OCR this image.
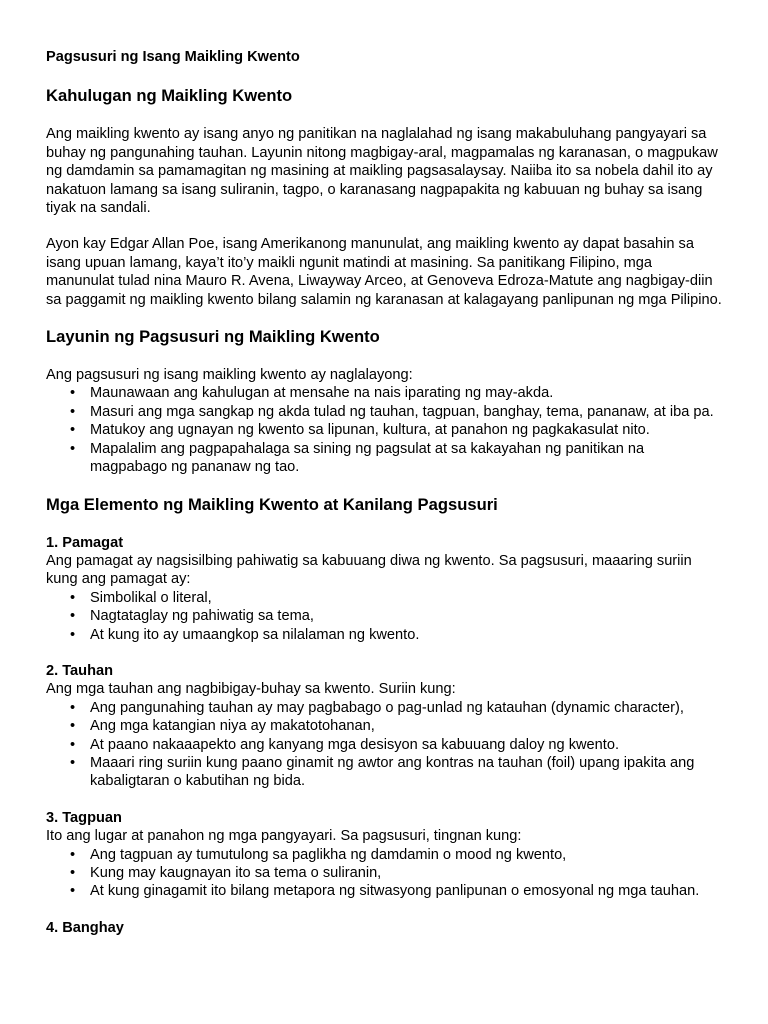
Pagsusuri ng Isang Maikling Kwento
Kahulugan ng Maikling Kwento

Ang maikling kwento ay isang anyo ng panitikan na naglalahad ng isang makabuluhang pangyayari sa buhay ng pangunahing tauhan. Layunin nitong magbigay-aral, magpamalas ng karanasan, o magpukaw ng damdamin sa pamamagitan ng masining at maikling pagsasalaysay. Naiiba ito sa nobela dahil ito ay nakatuon lamang sa isang suliranin, tagpo, o karanasang nagpapakita ng kabuuan ng buhay sa isang tiyak na sandali.

Ayon kay Edgar Allan Poe, isang Amerikanong manunulat, ang maikling kwento ay dapat basahin sa isang upuan lamang, kaya’t ito’y maikli ngunit matindi at masining. Sa panitikang Filipino, mga manunulat tulad nina Mauro R. Avena, Liwayway Arceo, at Genoveva Edroza-Matute ang nagbigay-diin sa paggamit ng maikling kwento bilang salamin ng karanasan at kalagayang panlipunan ng mga Pilipino.

Layunin ng Pagsusuri ng Maikling Kwento

Ang pagsusuri ng isang maikling kwento ay naglalayong:

• Maunawaan ang kahulugan at mensahe na nais iparating ng may-akda.
• Masuri ang mga sangkap ng akda tulad ng tauhan, tagpuan, banghay, tema, pananaw, at iba pa.
• Matukoy ang ugnayan ng kwento sa lipunan, kultura, at panahon ng pagkakasulat nito.
• Mapalalim ang pagpapahalaga sa sining ng pagsulat at sa kakayahan ng panitikan na magpabago ng pananaw ng tao.
Mga Elemento ng Maikling Kwento at Kanilang Pagsusuri
1. Pamagat

Ang pamagat ay nagsisilbing pahiwatig sa kabuuang diwa ng kwento. Sa pagsusuri, maaaring suriin kung ang pamagat ay:

• Simbolikal o literal,
• Nagtataglay ng pahiwatig sa tema,
• At kung ito ay umaangkop sa nilalaman ng kwento.
2. Tauhan

Ang mga tauhan ang nagbibigay-buhay sa kwento. Suriin kung:

• Ang pangunahing tauhan ay may pagbabago o pag-unlad ng katauhan (dynamic character),
• Ang mga katangian niya ay makatotohanan,
• At paano nakaaapekto ang kanyang mga desisyon sa kabuuang daloy ng kwento.
• Maaari ring suriin kung paano ginamit ng awtor ang kontras na tauhan (foil) upang ipakita ang kabaligtaran o kabutihan ng bida.
3. Tagpuan

Ito ang lugar at panahon ng mga pangyayari. Sa pagsusuri, tingnan kung:

• Ang tagpuan ay tumutulong sa paglikha ng damdamin o mood ng kwento,
• Kung may kaugnayan ito sa tema o suliranin,
• At kung ginagamit ito bilang metapora ng sitwasyong panlipunan o emosyonal ng mga tauhan.
4. Banghay
